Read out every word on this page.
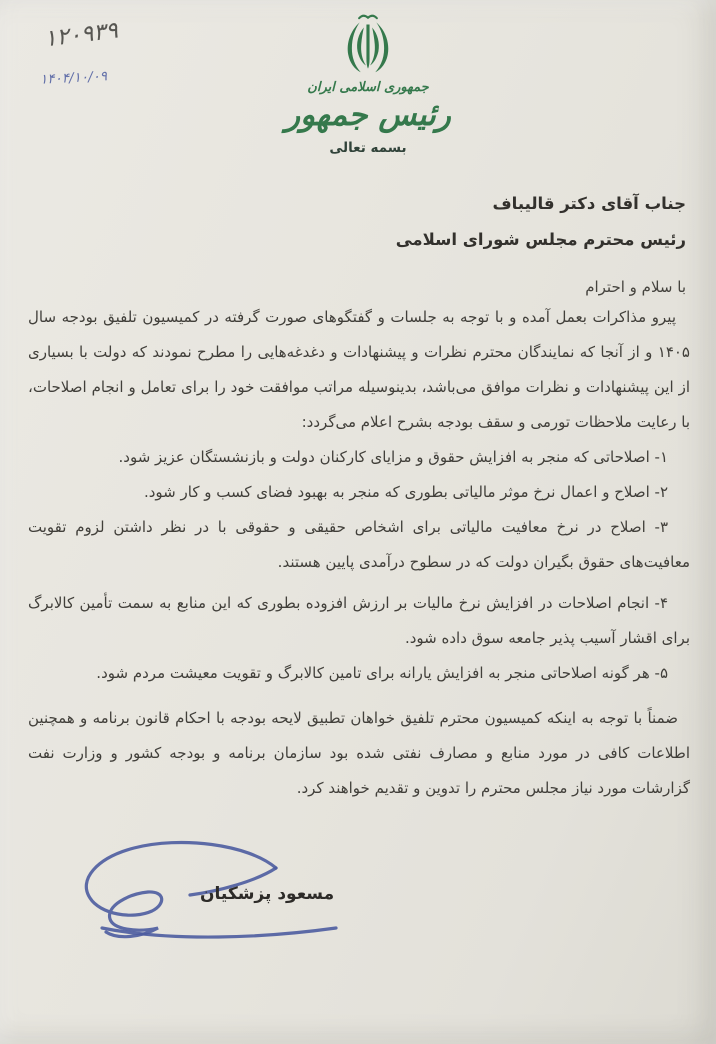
۱۲۰۹۳۹
۱۴۰۴/۱۰/۰۹
جمهوری اسلامی ایران
رئیس جمهور
بسمه تعالی
جناب آقای دکتر قالیباف
رئیس محترم مجلس شورای اسلامی
با سلام و احترام

پیرو مذاکرات بعمل آمده و با توجه به جلسات و گفتگوهای صورت گرفته در کمیسیون تلفیق بودجه سال ۱۴۰۵ و از آنجا که نمایندگان محترم نظرات و پیشنهادات و دغدغه‌هایی را مطرح نمودند که دولت با بسیاری از این پیشنهادات و نظرات موافق می‌باشد، بدینوسیله مراتب موافقت خود را برای تعامل و انجام اصلاحات، با رعایت ملاحظات تورمی و سقف بودجه بشرح اعلام می‌گردد:

۱- اصلاحاتی که منجر به افزایش حقوق و مزایای کارکنان دولت و بازنشستگان عزیز شود.

۲- اصلاح و اعمال نرخ موثر مالیاتی بطوری که منجر به بهبود فضای کسب و کار شود.

۳- اصلاح در نرخ معافیت مالیاتی برای اشخاص حقیقی و حقوقی با در نظر داشتن لزوم تقویت معافیت‌های حقوق بگیران دولت که در سطوح درآمدی پایین هستند.

۴- انجام اصلاحات در افزایش نرخ مالیات بر ارزش افزوده بطوری که این منابع به سمت تأمین کالابرگ برای اقشار آسیب پذیر جامعه سوق داده شود.

۵- هر گونه اصلاحاتی منجر به افزایش یارانه برای تامین کالابرگ و تقویت معیشت مردم شود.

ضمناً با توجه به اینکه کمیسیون محترم تلفیق خواهان تطبیق لایحه بودجه با احکام قانون برنامه و همچنین اطلاعات کافی در مورد منابع و مصارف نفتی شده بود سازمان برنامه و بودجه کشور و وزارت نفت گزارشات مورد نیاز مجلس محترم را تدوین و تقدیم خواهند کرد.

مسعود پزشکیان
